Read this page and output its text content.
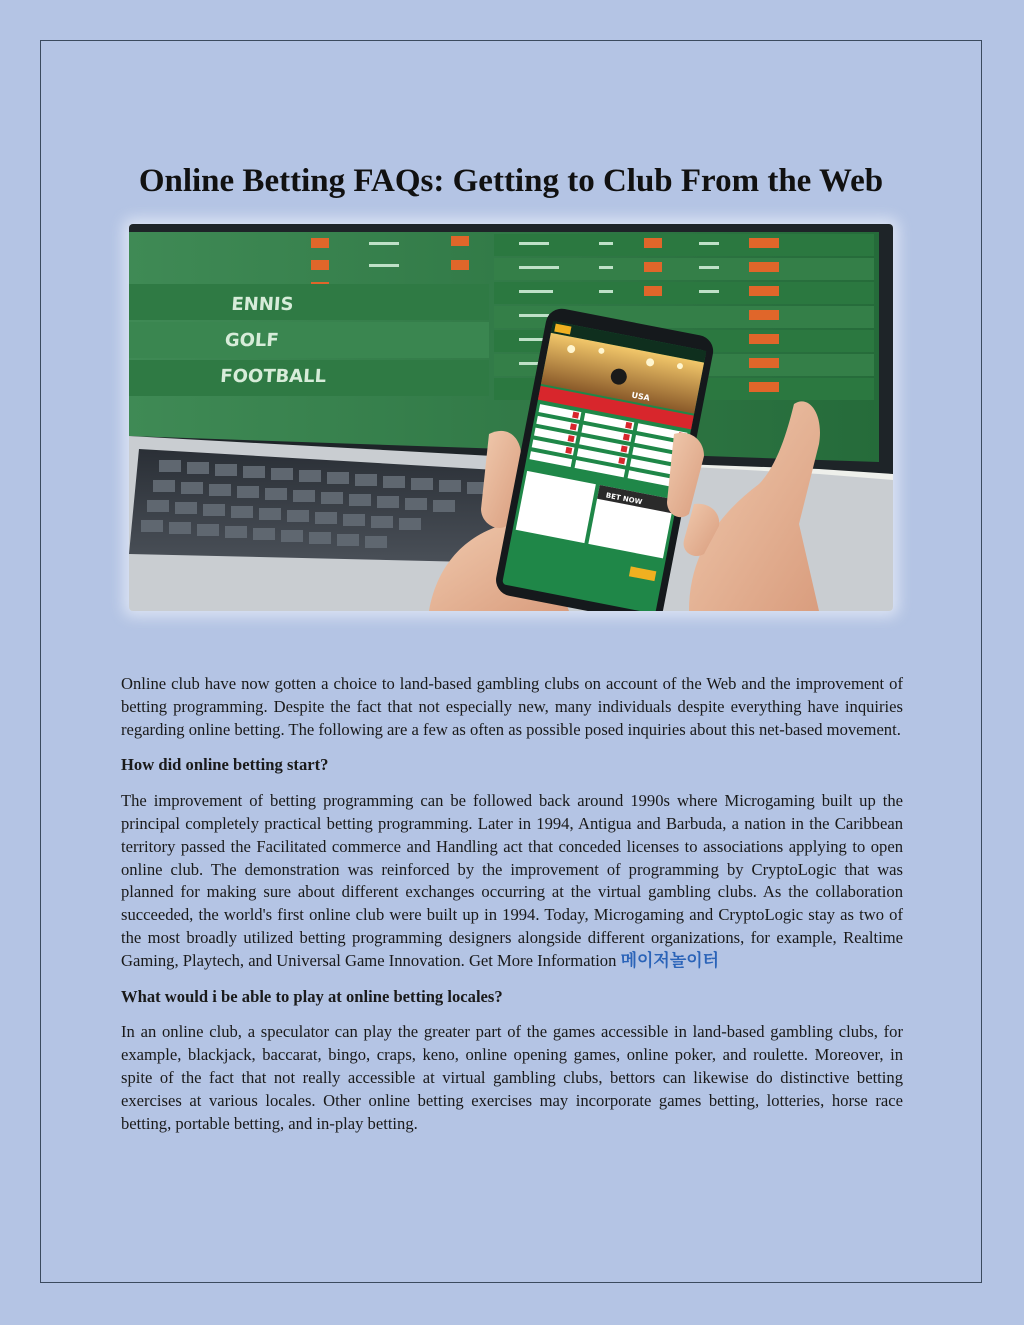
Online Betting FAQs: Getting to Club From the Web
ENNIS
GOLF
FOOTBALL
USA
BET NOW

Online club have now gotten a choice to land-based gambling clubs on account of the Web and the improvement of betting programming. Despite the fact that not especially new, many individuals despite everything have inquiries regarding online betting. The following are a few as often as possible posed inquiries about this net-based movement.

How did online betting start?

The improvement of betting programming can be followed back around 1990s where Microgaming built up the principal completely practical betting programming. Later in 1994, Antigua and Barbuda, a nation in the Caribbean territory passed the Facilitated commerce and Handling act that conceded licenses to associations applying to open online club. The demonstration was reinforced by the improvement of programming by CryptoLogic that was planned for making sure about different exchanges occurring at the virtual gambling clubs. As the collaboration succeeded, the world's first online club were built up in 1994. Today, Microgaming and CryptoLogic stay as two of the most broadly utilized betting programming designers alongside different organizations, for example, Realtime Gaming, Playtech, and Universal Game Innovation. Get More Information 메이저놀이터

What would i be able to play at online betting locales?

In an online club, a speculator can play the greater part of the games accessible in land-based gambling clubs, for example, blackjack, baccarat, bingo, craps, keno, online opening games, online poker, and roulette. Moreover, in spite of the fact that not really accessible at virtual gambling clubs, bettors can likewise do distinctive betting exercises at various locales. Other online betting exercises may incorporate games betting, lotteries, horse race betting, portable betting, and in-play betting.
